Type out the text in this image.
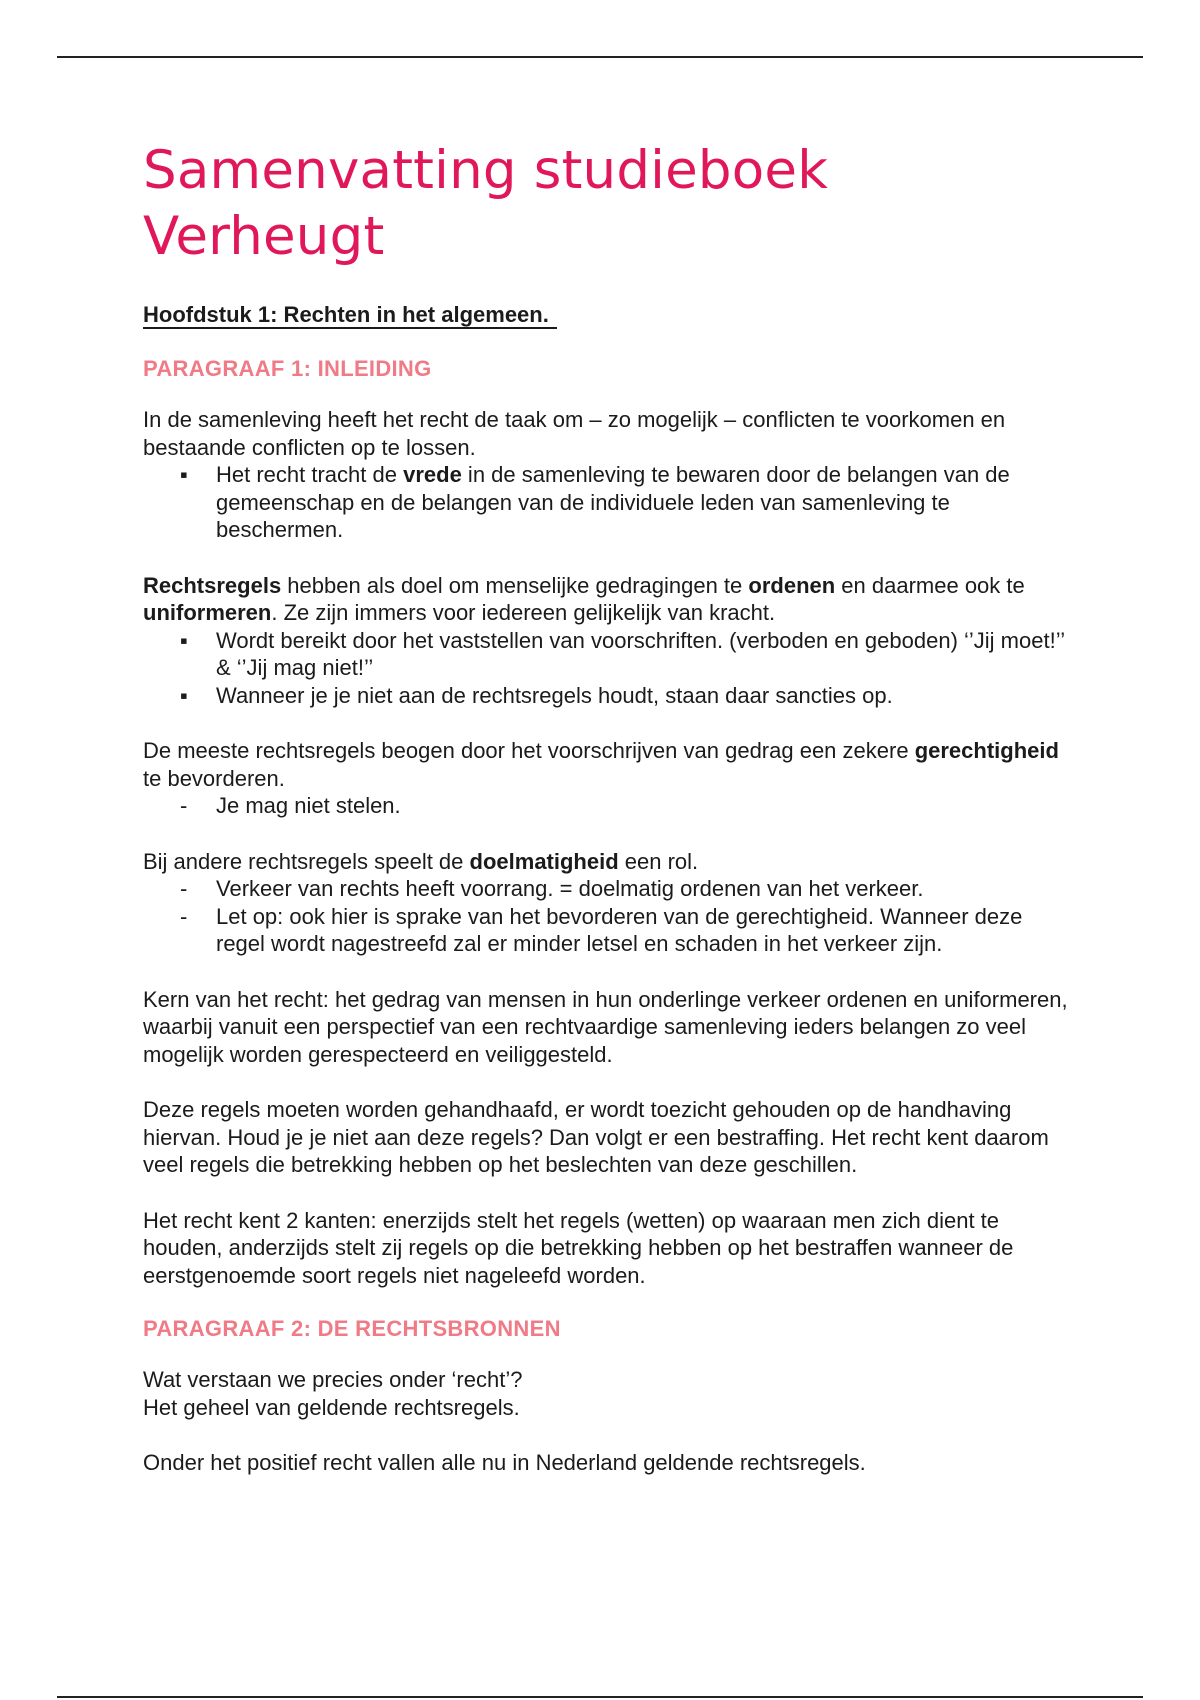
Samenvatting studieboek
Verheugt
Hoofdstuk 1: Rechten in het algemeen.
PARAGRAAF 1: INLEIDING

In de samenleving heeft het recht de taak om – zo mogelijk – conflicten te voorkomen en bestaande conflicten op te lossen.

▪ Het recht tracht de vrede in de samenleving te bewaren door de belangen van de gemeenschap en de belangen van de individuele leden van samenleving te beschermen.

Rechtsregels hebben als doel om menselijke gedragingen te ordenen en daarmee ook te uniformeren. Ze zijn immers voor iedereen gelijkelijk van kracht.

▪ Wordt bereikt door het vaststellen van voorschriften. (verboden en geboden) ‘’Jij moet!’’ & ‘’Jij mag niet!’’
▪ Wanneer je je niet aan de rechtsregels houdt, staan daar sancties op.

De meeste rechtsregels beogen door het voorschrijven van gedrag een zekere gerechtigheid te bevorderen.

- Je mag niet stelen.

Bij andere rechtsregels speelt de doelmatigheid een rol.

- Verkeer van rechts heeft voorrang. = doelmatig ordenen van het verkeer.
- Let op: ook hier is sprake van het bevorderen van de gerechtigheid. Wanneer deze regel wordt nagestreefd zal er minder letsel en schaden in het verkeer zijn.

Kern van het recht: het gedrag van mensen in hun onderlinge verkeer ordenen en uniformeren, waarbij vanuit een perspectief van een rechtvaardige samenleving ieders belangen zo veel mogelijk worden gerespecteerd en veiliggesteld.

Deze regels moeten worden gehandhaafd, er wordt toezicht gehouden op de handhaving hiervan. Houd je je niet aan deze regels? Dan volgt er een bestraffing. Het recht kent daarom veel regels die betrekking hebben op het beslechten van deze geschillen.

Het recht kent 2 kanten: enerzijds stelt het regels (wetten) op waaraan men zich dient te houden, anderzijds stelt zij regels op die betrekking hebben op het bestraffen wanneer de eerstgenoemde soort regels niet nageleefd worden.

PARAGRAAF 2: DE RECHTSBRONNEN

Wat verstaan we precies onder ‘recht’?
Het geheel van geldende rechtsregels.

Onder het positief recht vallen alle nu in Nederland geldende rechtsregels.
